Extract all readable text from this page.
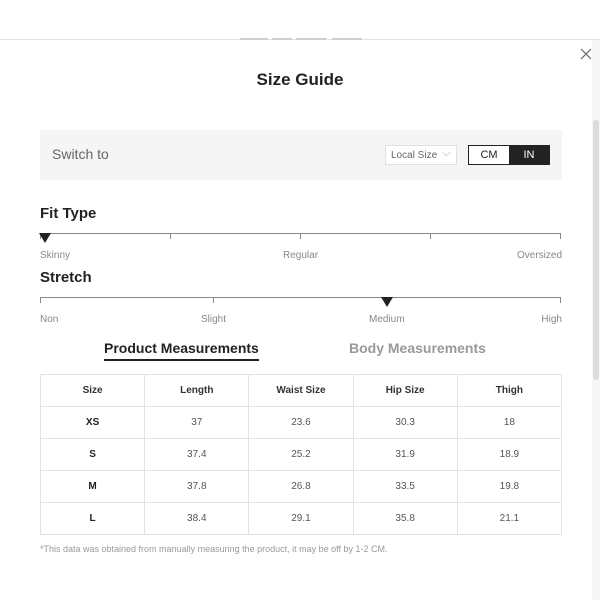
Size Guide
Switch to	Local Size ﹀	CM	IN
Fit Type
Skinny	Regular	Oversized
Stretch
Non	Slight	Medium	High
Product Measurements	Body Measurements
Size	Length	Waist Size	Hip Size	Thigh
XS	37	23.6	30.3	18
S	37.4	25.2	31.9	18.9
M	37.8	26.8	33.5	19.8
L	38.4	29.1	35.8	21.1
*This data was obtained from manually measuring the product, it may be off by 1-2 CM.
